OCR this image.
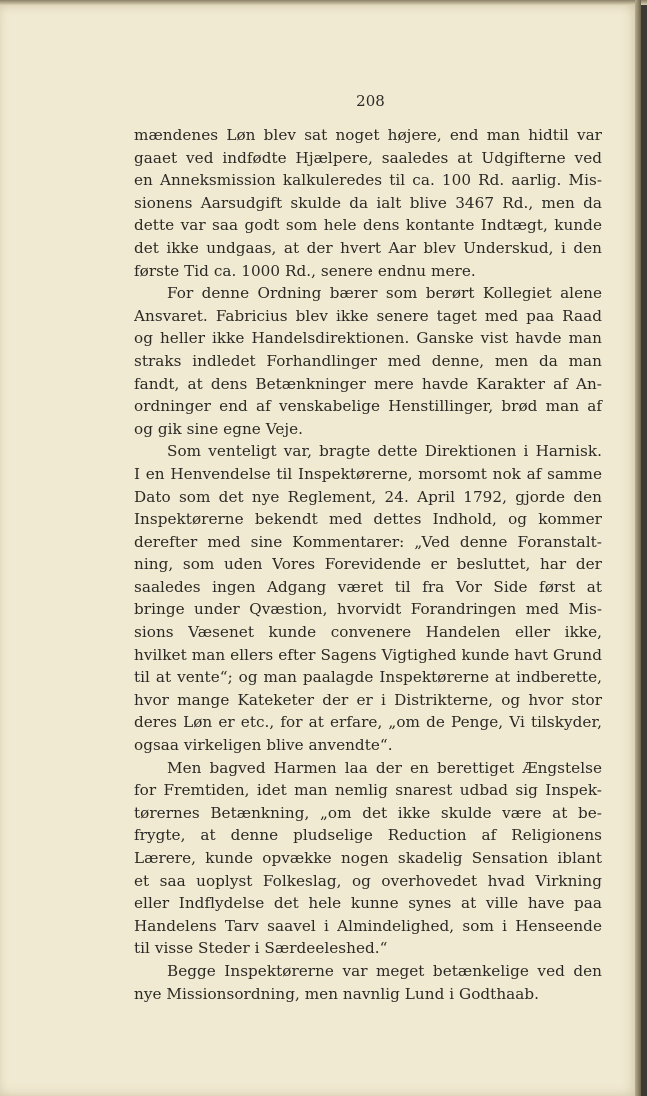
208
mændenes Løn blev sat noget højere, end man hidtil var
gaaet ved indfødte Hjælpere, saaledes at Udgifterne ved
en Anneksmission kalkuleredes til ca. 100 Rd. aarlig. Mis-
sionens Aarsudgift skulde da ialt blive 3467 Rd., men da
dette var saa godt som hele dens kontante Indtægt, kunde
det ikke undgaas, at der hvert Aar blev Underskud, i den
første Tid ca. 1000 Rd., senere endnu mere.
For denne Ordning bærer som berørt Kollegiet alene
Ansvaret. Fabricius blev ikke senere taget med paa Raad
og heller ikke Handelsdirektionen. Ganske vist havde man
straks indledet Forhandlinger med denne, men da man
fandt, at dens Betænkninger mere havde Karakter af An-
ordninger end af venskabelige Henstillinger, brød man af
og gik sine egne Veje.
Som venteligt var, bragte dette Direktionen i Harnisk.
I en Henvendelse til Inspektørerne, morsomt nok af samme
Dato som det nye Reglement, 24. April 1792, gjorde den
Inspektørerne bekendt med dettes Indhold, og kommer
derefter med sine Kommentarer: „Ved denne Foranstalt-
ning, som uden Vores Forevidende er besluttet, har der
saaledes ingen Adgang været til fra Vor Side først at
bringe under Qvæstion, hvorvidt Forandringen med Mis-
sions Væsenet kunde convenere Handelen eller ikke,
hvilket man ellers efter Sagens Vigtighed kunde havt Grund
til at vente“; og man paalagde Inspektørerne at indberette,
hvor mange Kateketer der er i Distrikterne, og hvor stor
deres Løn er etc., for at erfare, „om de Penge, Vi tilskyder,
ogsaa virkeligen blive anvendte“.
Men bagved Harmen laa der en berettiget Ængstelse
for Fremtiden, idet man nemlig snarest udbad sig Inspek-
tørernes Betænkning, „om det ikke skulde være at be-
frygte, at denne pludselige Reduction af Religionens
Lærere, kunde opvække nogen skadelig Sensation iblant
et saa uoplyst Folkeslag, og overhovedet hvad Virkning
eller Indflydelse det hele kunne synes at ville have paa
Handelens Tarv saavel i Almindelighed, som i Henseende
til visse Steder i Særdeeleshed.“
Begge Inspektørerne var meget betænkelige ved den
nye Missionsordning, men navnlig Lund i Godthaab.
